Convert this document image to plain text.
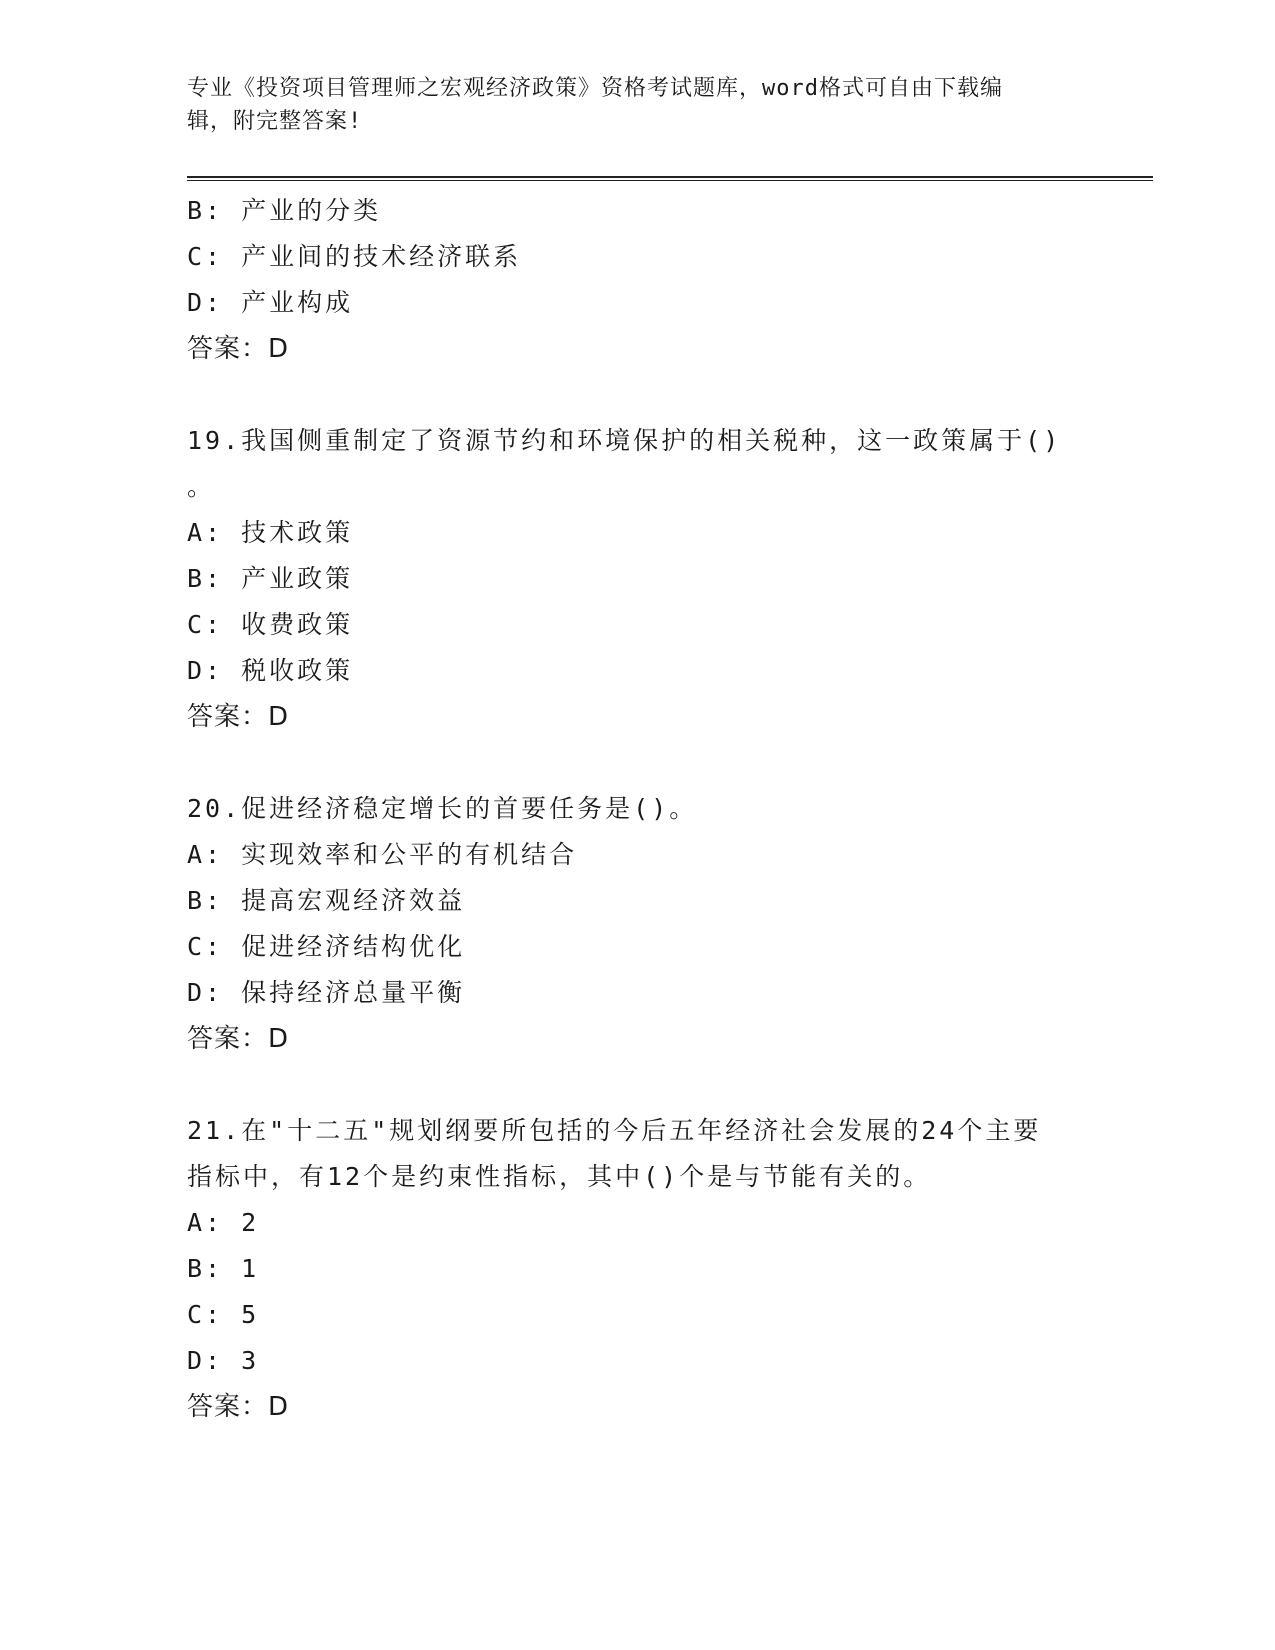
专业《投资项目管理师之宏观经济政策》资格考试题库，word格式可自由下载编
辑，附完整答案!
B: 产业的分类
C: 产业间的技术经济联系
D: 产业构成
答案：D
19.我国侧重制定了资源节约和环境保护的相关税种，这一政策属于()
。
A: 技术政策
B: 产业政策
C: 收费政策
D: 税收政策
答案：D
20.促进经济稳定增长的首要任务是()。
A: 实现效率和公平的有机结合
B: 提高宏观经济效益
C: 促进经济结构优化
D: 保持经济总量平衡
答案：D
21.在"十二五"规划纲要所包括的今后五年经济社会发展的24个主要
指标中，有12个是约束性指标，其中()个是与节能有关的。
A: 2
B: 1
C: 5
D: 3
答案：D
